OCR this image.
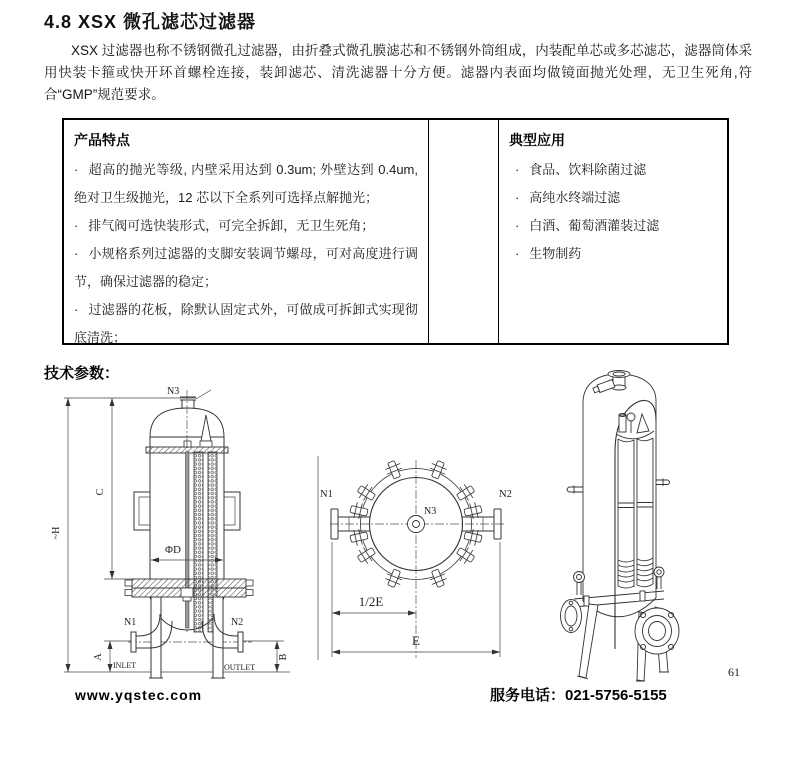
4.8 XSX 微孔滤芯过滤器
XSX 过滤器也称不锈钢微孔过滤器，由折叠式微孔膜滤芯和不锈钢外筒组成，内装配单芯或多芯滤芯，滤器筒体采用快装卡箍或快开环首螺栓连接，装卸滤芯、清洗滤器十分方便。滤器内表面均做镜面抛光处理，无卫生死角,符合“GMP”规范要求。
产品特点
· 超高的抛光等级, 内壁采用达到 0.3um; 外壁达到 0.4um, 绝对卫生级抛光，12 芯以下全系列可选择点解抛光；
· 排气阀可选快装形式，可完全拆卸，无卫生死角；
· 小规格系列过滤器的支脚安装调节螺母，可对高度进行调节，确保过滤器的稳定；
· 过滤器的花板，除默认固定式外，可做成可拆卸式实现彻底清洗；
典型应用
· 食品、饮料除菌过滤
· 高纯水终端过滤
· 白酒、葡萄酒灌装过滤
· 生物制药
技术参数：
~H
C
N3
ΦD
N1	N2
INLET	OUTLET
A	B
N3
N1	N2
1/2E
E
www.yqstec.com	服务电话：021-5756-5155
61
